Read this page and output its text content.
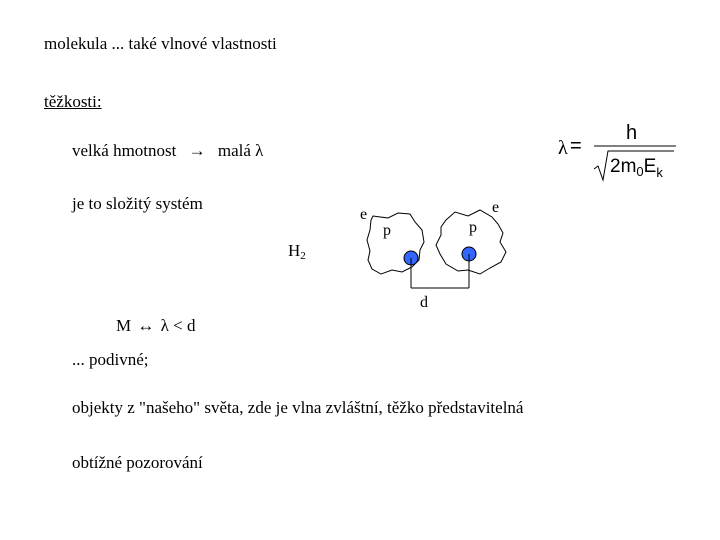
molekula ... také vlnové vlastnosti
těžkosti:
velká hmotnost → malá λ
je to složitý systém
$H_2$
λ =
h
$2m_0E_k$
e	e
p	p
d
M ↔ λ < d
... podivné;
objekty z "našeho" světa, zde je vlna zvláštní, těžko představitelná
obtížné pozorování
